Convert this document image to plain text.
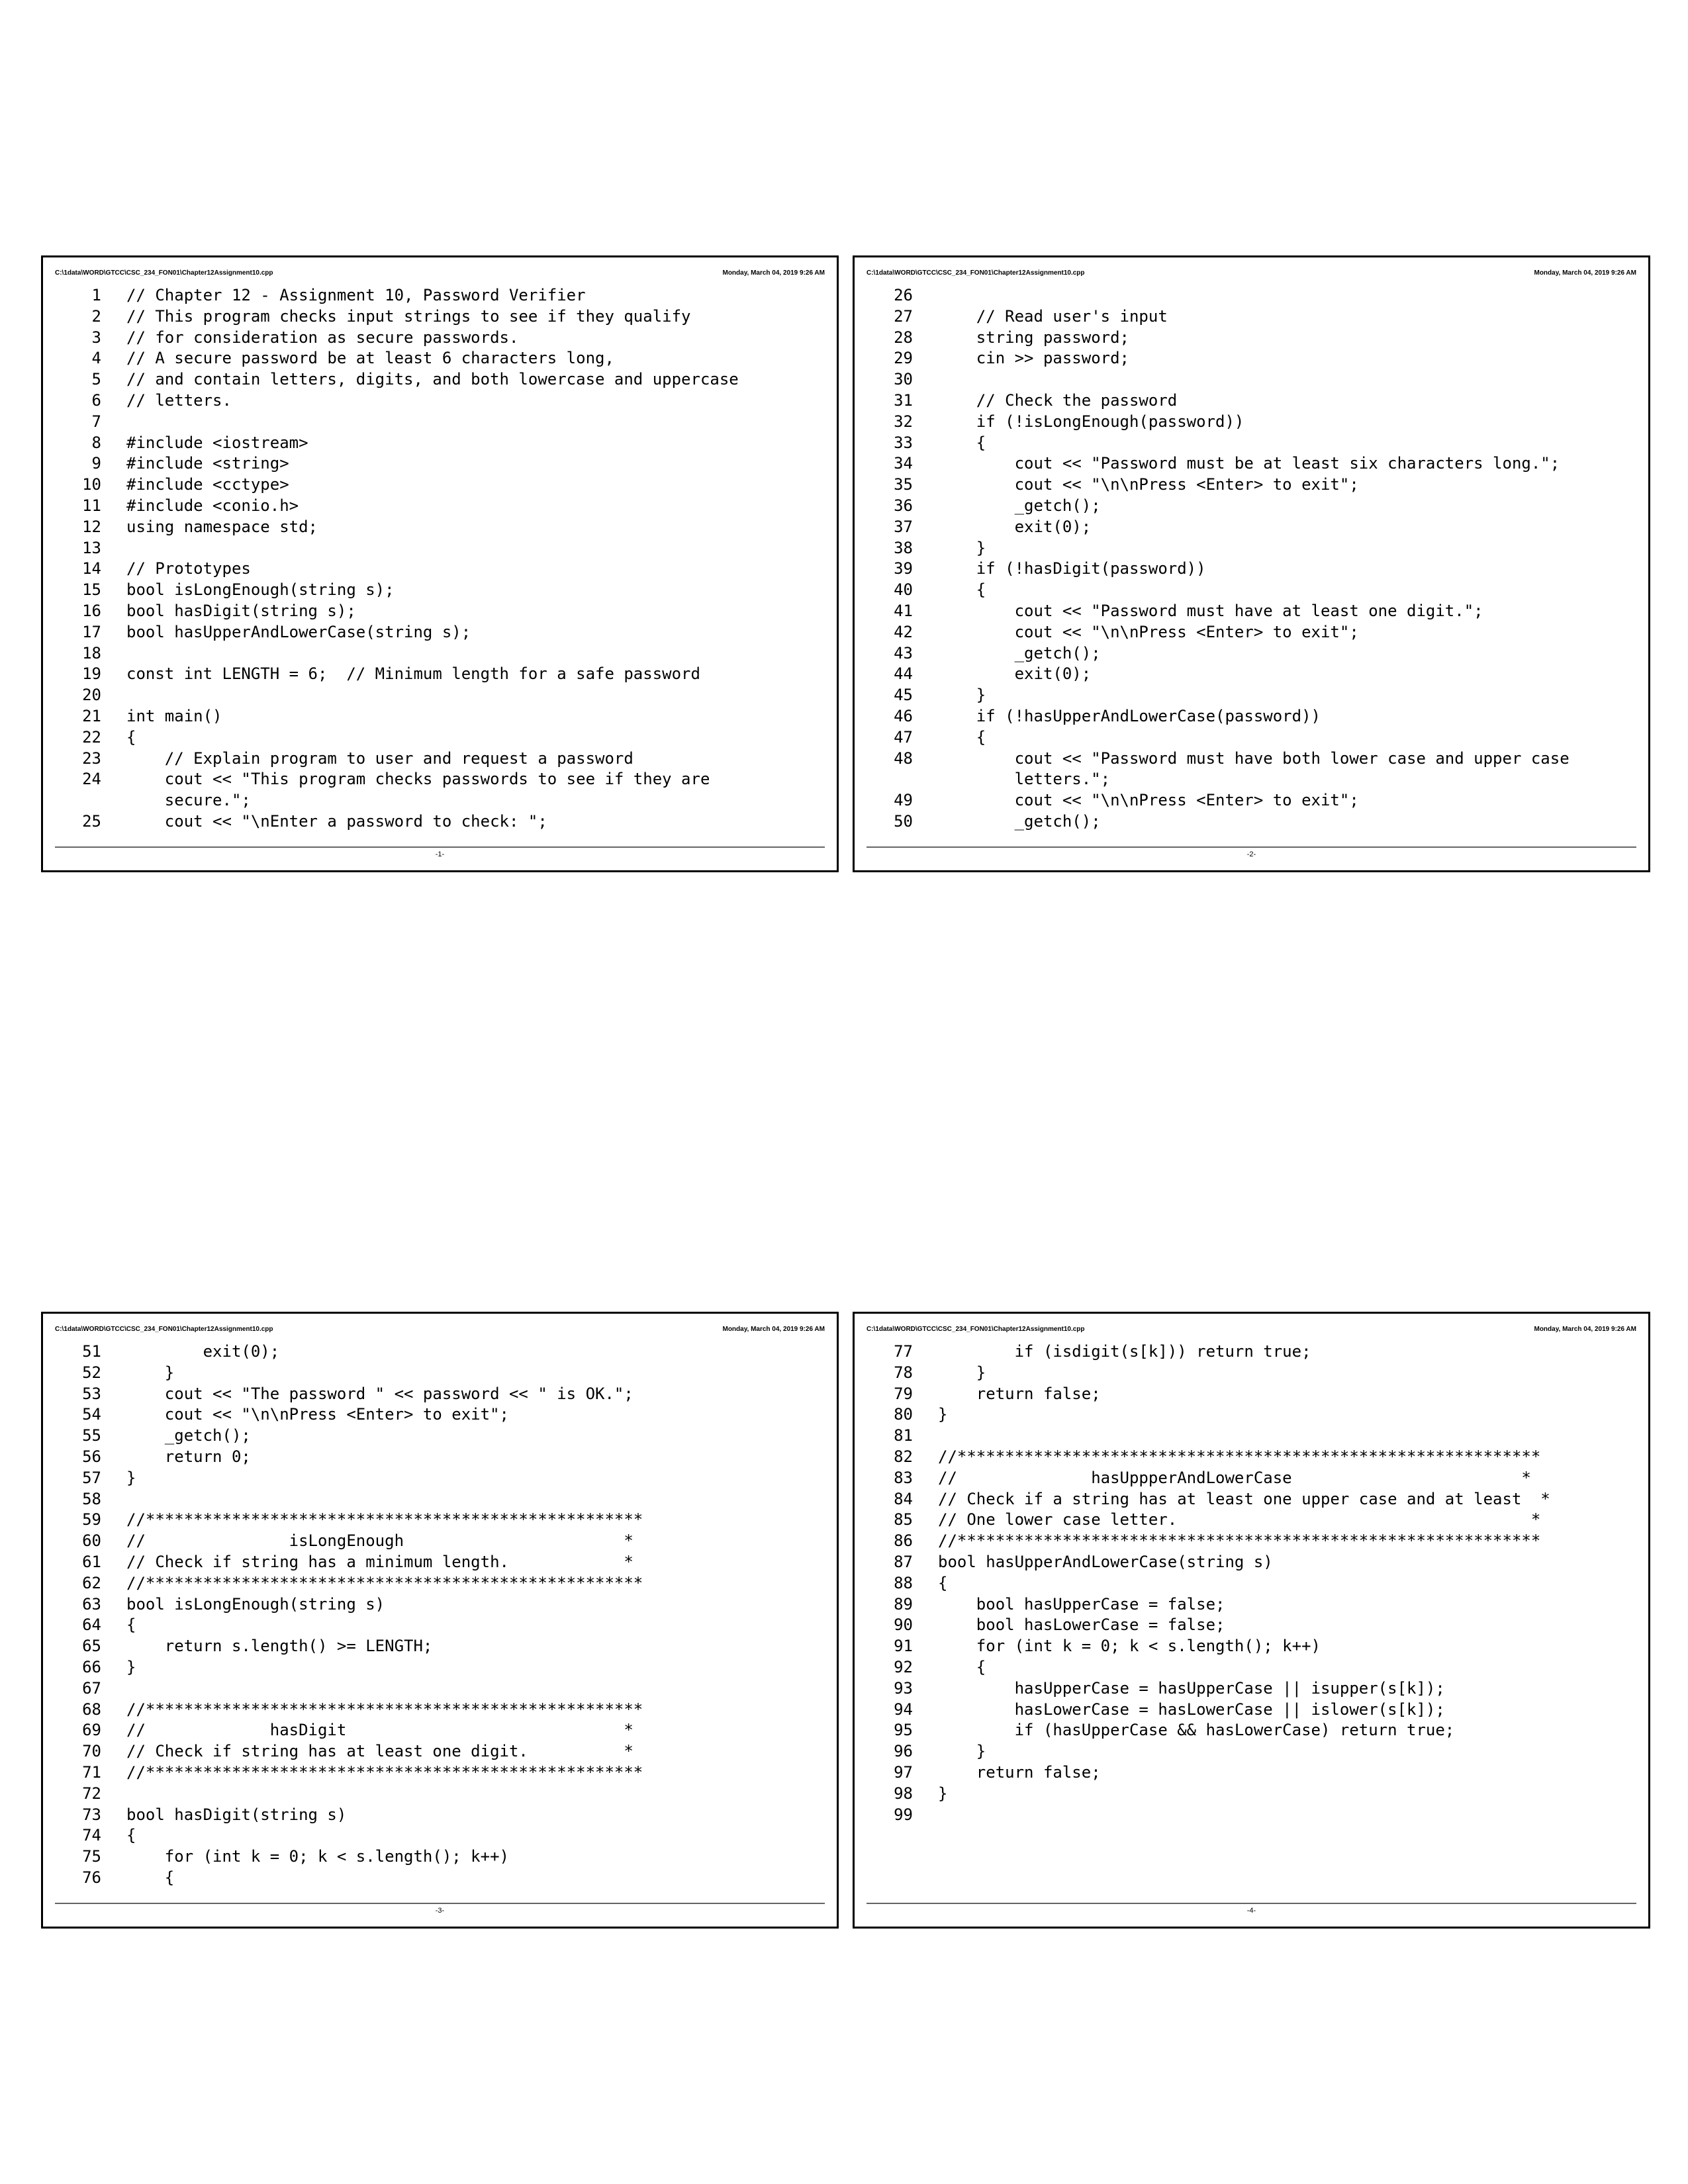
C:\1data\WORD\GTCC\CSC_234_FON01\Chapter12Assignment10.cpp	Monday, March 04, 2019 9:26 AM
1	// Chapter 12 - Assignment 10, Password Verifier
2	// This program checks input strings to see if they qualify
3	// for consideration as secure passwords.
4	// A secure password be at least 6 characters long,
5	// and contain letters, digits, and both lowercase and uppercase
6	// letters.
7
8	#include <iostream>
9	#include <string>
10	#include <cctype>
11	#include <conio.h>
12	using namespace std;
13
14	// Prototypes
15	bool isLongEnough(string s);
16	bool hasDigit(string s);
17	bool hasUpperAndLowerCase(string s);
18
19	const int LENGTH = 6;  // Minimum length for a safe password
20
21	int main()
22	{
23	// Explain program to user and request a password
24	cout << "This program checks passwords to see if they are
secure.";
25	cout << "\nEnter a password to check: ";
-1-
C:\1data\WORD\GTCC\CSC_234_FON01\Chapter12Assignment10.cpp	Monday, March 04, 2019 9:26 AM
26
27	// Read user's input
28	string password;
29	cin >> password;
30
31	// Check the password
32	if (!isLongEnough(password))
33	{
34	cout << "Password must be at least six characters long.";
35	cout << "\n\nPress <Enter> to exit";
36	_getch();
37	exit(0);
38	}
39	if (!hasDigit(password))
40	{
41	cout << "Password must have at least one digit.";
42	cout << "\n\nPress <Enter> to exit";
43	_getch();
44	exit(0);
45	}
46	if (!hasUpperAndLowerCase(password))
47	{
48	cout << "Password must have both lower case and upper case
letters.";
49	cout << "\n\nPress <Enter> to exit";
50	_getch();
-2-
C:\1data\WORD\GTCC\CSC_234_FON01\Chapter12Assignment10.cpp	Monday, March 04, 2019 9:26 AM
51	exit(0);
52	}
53	cout << "The password " << password << " is OK.";
54	cout << "\n\nPress <Enter> to exit";
55	_getch();
56	return 0;
57	}
58
59	//****************************************************
60	//               isLongEnough                       *
61	// Check if string has a minimum length.            *
62	//****************************************************
63	bool isLongEnough(string s)
64	{
65	return s.length() >= LENGTH;
66	}
67
68	//****************************************************
69	//             hasDigit                             *
70	// Check if string has at least one digit.          *
71	//****************************************************
72
73	bool hasDigit(string s)
74	{
75	for (int k = 0; k < s.length(); k++)
76	{
-3-
C:\1data\WORD\GTCC\CSC_234_FON01\Chapter12Assignment10.cpp	Monday, March 04, 2019 9:26 AM
77	if (isdigit(s[k])) return true;
78	}
79	return false;
80	}
81
82	//*************************************************************
83	//              hasUppperAndLowerCase                        *
84	// Check if a string has at least one upper case and at least  *
85	// One lower case letter.                                     *
86	//*************************************************************
87	bool hasUpperAndLowerCase(string s)
88	{
89	bool hasUpperCase = false;
90	bool hasLowerCase = false;
91	for (int k = 0; k < s.length(); k++)
92	{
93	hasUpperCase = hasUpperCase || isupper(s[k]);
94	hasLowerCase = hasLowerCase || islower(s[k]);
95	if (hasUpperCase && hasLowerCase) return true;
96	}
97	return false;
98	}
99
-4-
